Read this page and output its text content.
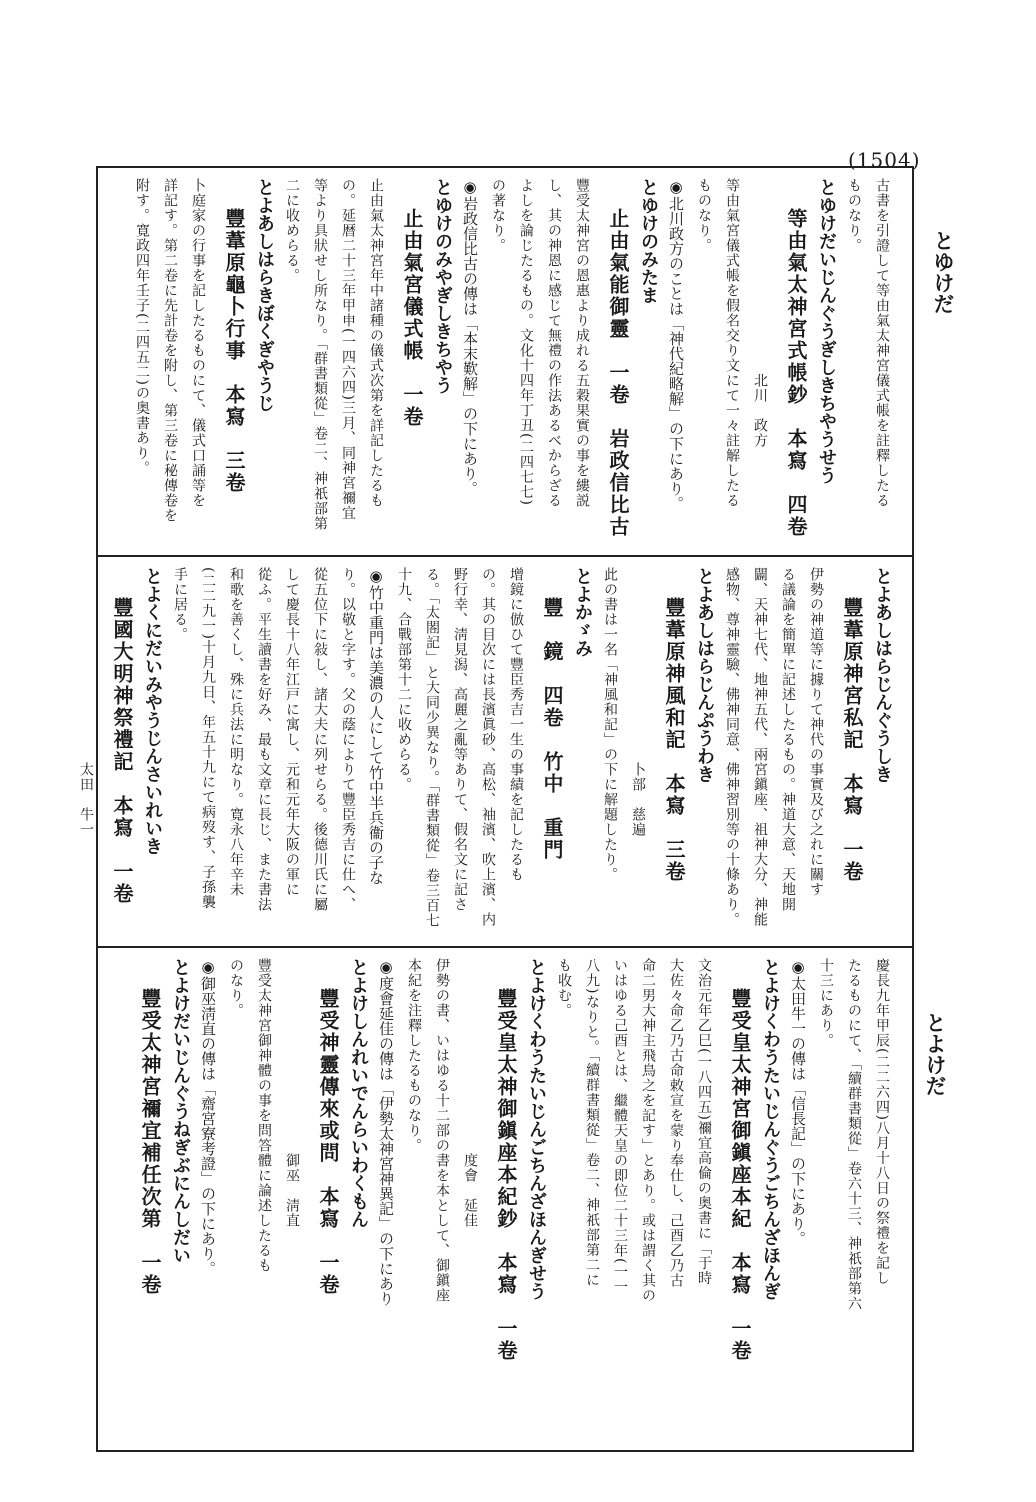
(1504)
とゆけだ
とよけだ
古書を引證して等由氣太神宮儀式帳を註釋したる
ものなり。
とゆけだいじんぐうぎしきちやうせう
等由氣太神宮式帳鈔　本寫　四卷
　　　　　　　　　　　　　北川　政方
等由氣宮儀式帳を假名交り文にて一々註解したる
ものなり。
◉北川政方のことは「神代紀略解」の下にあり。
とゆけのみたま
止由氣能御靈　一卷　岩政信比古
豐受太神宮の恩惠より成れる五穀果實の事を縷説
し、其の神恩に感じて無禮の作法あるべからざる
よしを論じたるもの。文化十四年丁丑(二四七七)
の著なり。
◉岩政信比古の傳は「本末歎解」の下にあり。
とゆけのみやぎしきちやう
止由氣宮儀式帳　一卷
止由氣太神宮年中諸種の儀式次第を詳記したるも
の。延暦二十三年甲申(一四六四)三月、同神宮禰宜
等より具狀せし所なり。「群書類從」卷二、神祇部第
二に收めらる。
とよあしはらきぼくぎやうじ
豐葦原龜卜行事　本寫　三卷
卜庭家の行事を記したるものにて、儀式口誦等を
詳記す。第二卷に先計卷を附し、第三卷に秘傳卷を
附す。寛政四年壬子(二四五二)の奥書あり。
とよあしはらじんぐうしき
豐葦原神宮私記　本寫　一卷
伊勢の神道等に據りて神代の事實及び之れに關す
る議論を簡單に記述したるもの。神道大意、天地開
闢、天神七代、地神五代、兩宮鎭座、祖神大分、神能
感物、尊神靈驗、佛神同意、佛神習別等の十條あり。
とよあしはらじんぷうわき
豐葦原神風和記　本寫　三卷
　　　　　　　　　　　　　卜部　慈遍
此の書は一名「神風和記」の下に解題したり。
とよかゞみ
豐　鏡　四卷　竹中　重門
增鏡に倣ひて豐臣秀吉一生の事績を記したるも
の。其の目次には長濱眞砂、高松、袖濱、吹上濱、内
野行幸、淸見潟、高麗之亂等ありて、假名文に記さ
る。「太閤記」と大同少異なり。「群書類從」卷三百七
十九、合戰部第十二に收めらる。
◉竹中重門は美濃の人にして竹中半兵衞の子な
り。以敬と字す。父の蔭によりて豐臣秀吉に仕へ、
從五位下に敍し、諸大夫に列せらる。後德川氏に屬
して慶長十八年江戸に寓し、元和元年大阪の軍に
從ふ。平生讀書を好み、最も文章に長じ、また書法
和歌を善くし、殊に兵法に明なり。寛永八年辛未
(二二九一)十月九日、年五十九にて病歿す、子孫襲
手に居る。
とよくにだいみやうじんさいれいき
豐國大明神祭禮記　本寫　一卷
　　　　　　　　　　　　　太田　牛一
慶長九年甲辰(二二六四)八月十八日の祭禮を記し
たるものにて、「續群書類從」卷六十三、神祇部第六
十三にあり。
◉太田牛一の傳は「信長記」の下にあり。
とよけくわうたいじんぐうごちんざほんぎ
豐受皇太神宮御鎭座本紀　本寫　一卷
文治元年乙巳(一八四五)禰宜高倫の奥書に「于時
大佐々命乙乃古命敕宣を蒙り奉仕し、己酉乙乃古
命二男大神主飛鳥之を記す」とあり。或は謂く其の
いはゆる己酉とは、繼體天皇の即位二十三年(一一
八九)なりと。「續群書類從」卷二、神祇部第二に
も收む。
とよけくわうたいじんごちんざほんぎせう
豐受皇太神御鎭座本紀鈔　本寫　一卷
　　　　　　　　　　　　　度會　延佳
伊勢の書、いはゆる十二部の書を本として、御鎭座
本紀を注釋したるものなり。
◉度會延佳の傳は「伊勢太神宮神異記」の下にあり
とよけしんれいでんらいわくもん
豐受神靈傳來或問　本寫　一卷
　　　　　　　　　　　　　御巫　淸直
豐受太神宮御神體の事を問答體に論述したるも
のなり。
◉御巫淸直の傳は「齋宮寮考證」の下にあり。
とよけだいじんぐうねぎぶにんしだい
豐受太神宮禰宜補任次第　一卷
